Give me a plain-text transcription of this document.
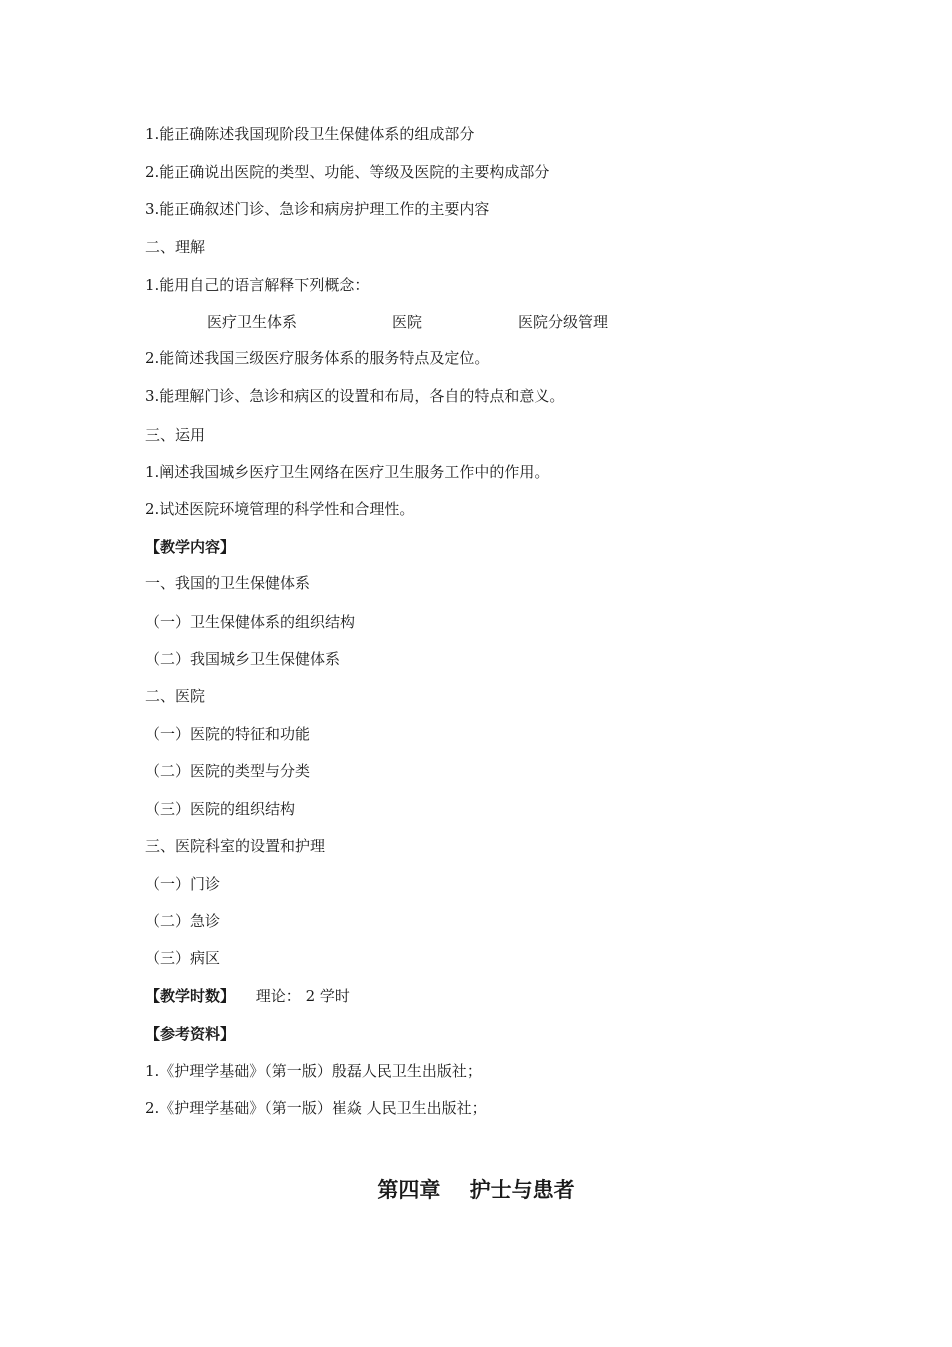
1.能正确陈述我国现阶段卫生保健体系的组成部分
2.能正确说出医院的类型、功能、等级及医院的主要构成部分
3.能正确叙述门诊、急诊和病房护理工作的主要内容
二、理解
1.能用自己的语言解释下列概念：
医疗卫生体系	医院	医院分级管理
2.能简述我国三级医疗服务体系的服务特点及定位。
3.能理解门诊、急诊和病区的设置和布局，各自的特点和意义。
三、运用
1.阐述我国城乡医疗卫生网络在医疗卫生服务工作中的作用。
2.试述医院环境管理的科学性和合理性。
【教学内容】
一、我国的卫生保健体系
（一）卫生保健体系的组织结构
（二）我国城乡卫生保健体系
二、医院
（一）医院的特征和功能
（二）医院的类型与分类
（三）医院的组织结构
三、医院科室的设置和护理
（一）门诊
（二）急诊
（三）病区
【教学时数】 理论： 2 学时
【参考资料】
1.《护理学基础》（第一版）殷磊人民卫生出版社；
2.《护理学基础》（第一版）崔焱 人民卫生出版社；
第四章    护士与患者
